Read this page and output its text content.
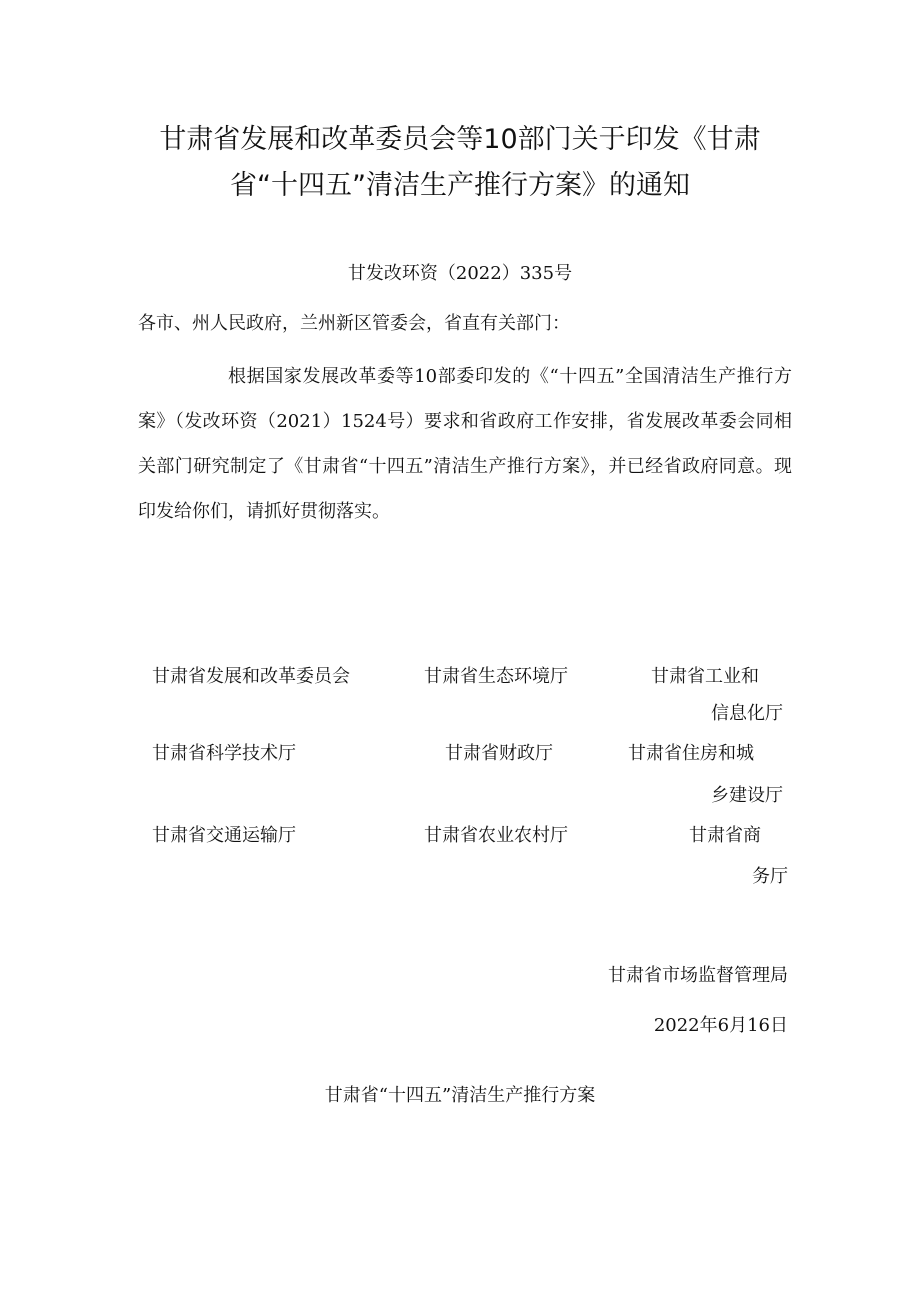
甘肃省发展和改革委员会等10部门关于印发《甘肃
省“十四五”清洁生产推行方案》的通知
甘发改环资（2022）335号
各市、州人民政府，兰州新区管委会，省直有关部门：

根据国家发展改革委等10部委印发的《“十四五”全国清洁生产推行方案》（发改环资（2021）1524号）要求和省政府工作安排，省发展改革委会同相关部门研究制定了《甘肃省“十四五”清洁生产推行方案》，并已经省政府同意。现印发给你们，请抓好贯彻落实。

甘肃省发展和改革委员会	甘肃省生态环境厅	甘肃省工业和
信息化厅
甘肃省科学技术厅	甘肃省财政厅	甘肃省住房和城
乡建设厅
甘肃省交通运输厅	甘肃省农业农村厅	甘肃省商
务厅
甘肃省市场监督管理局
2022年6月16日
甘肃省“十四五”清洁生产推行方案
